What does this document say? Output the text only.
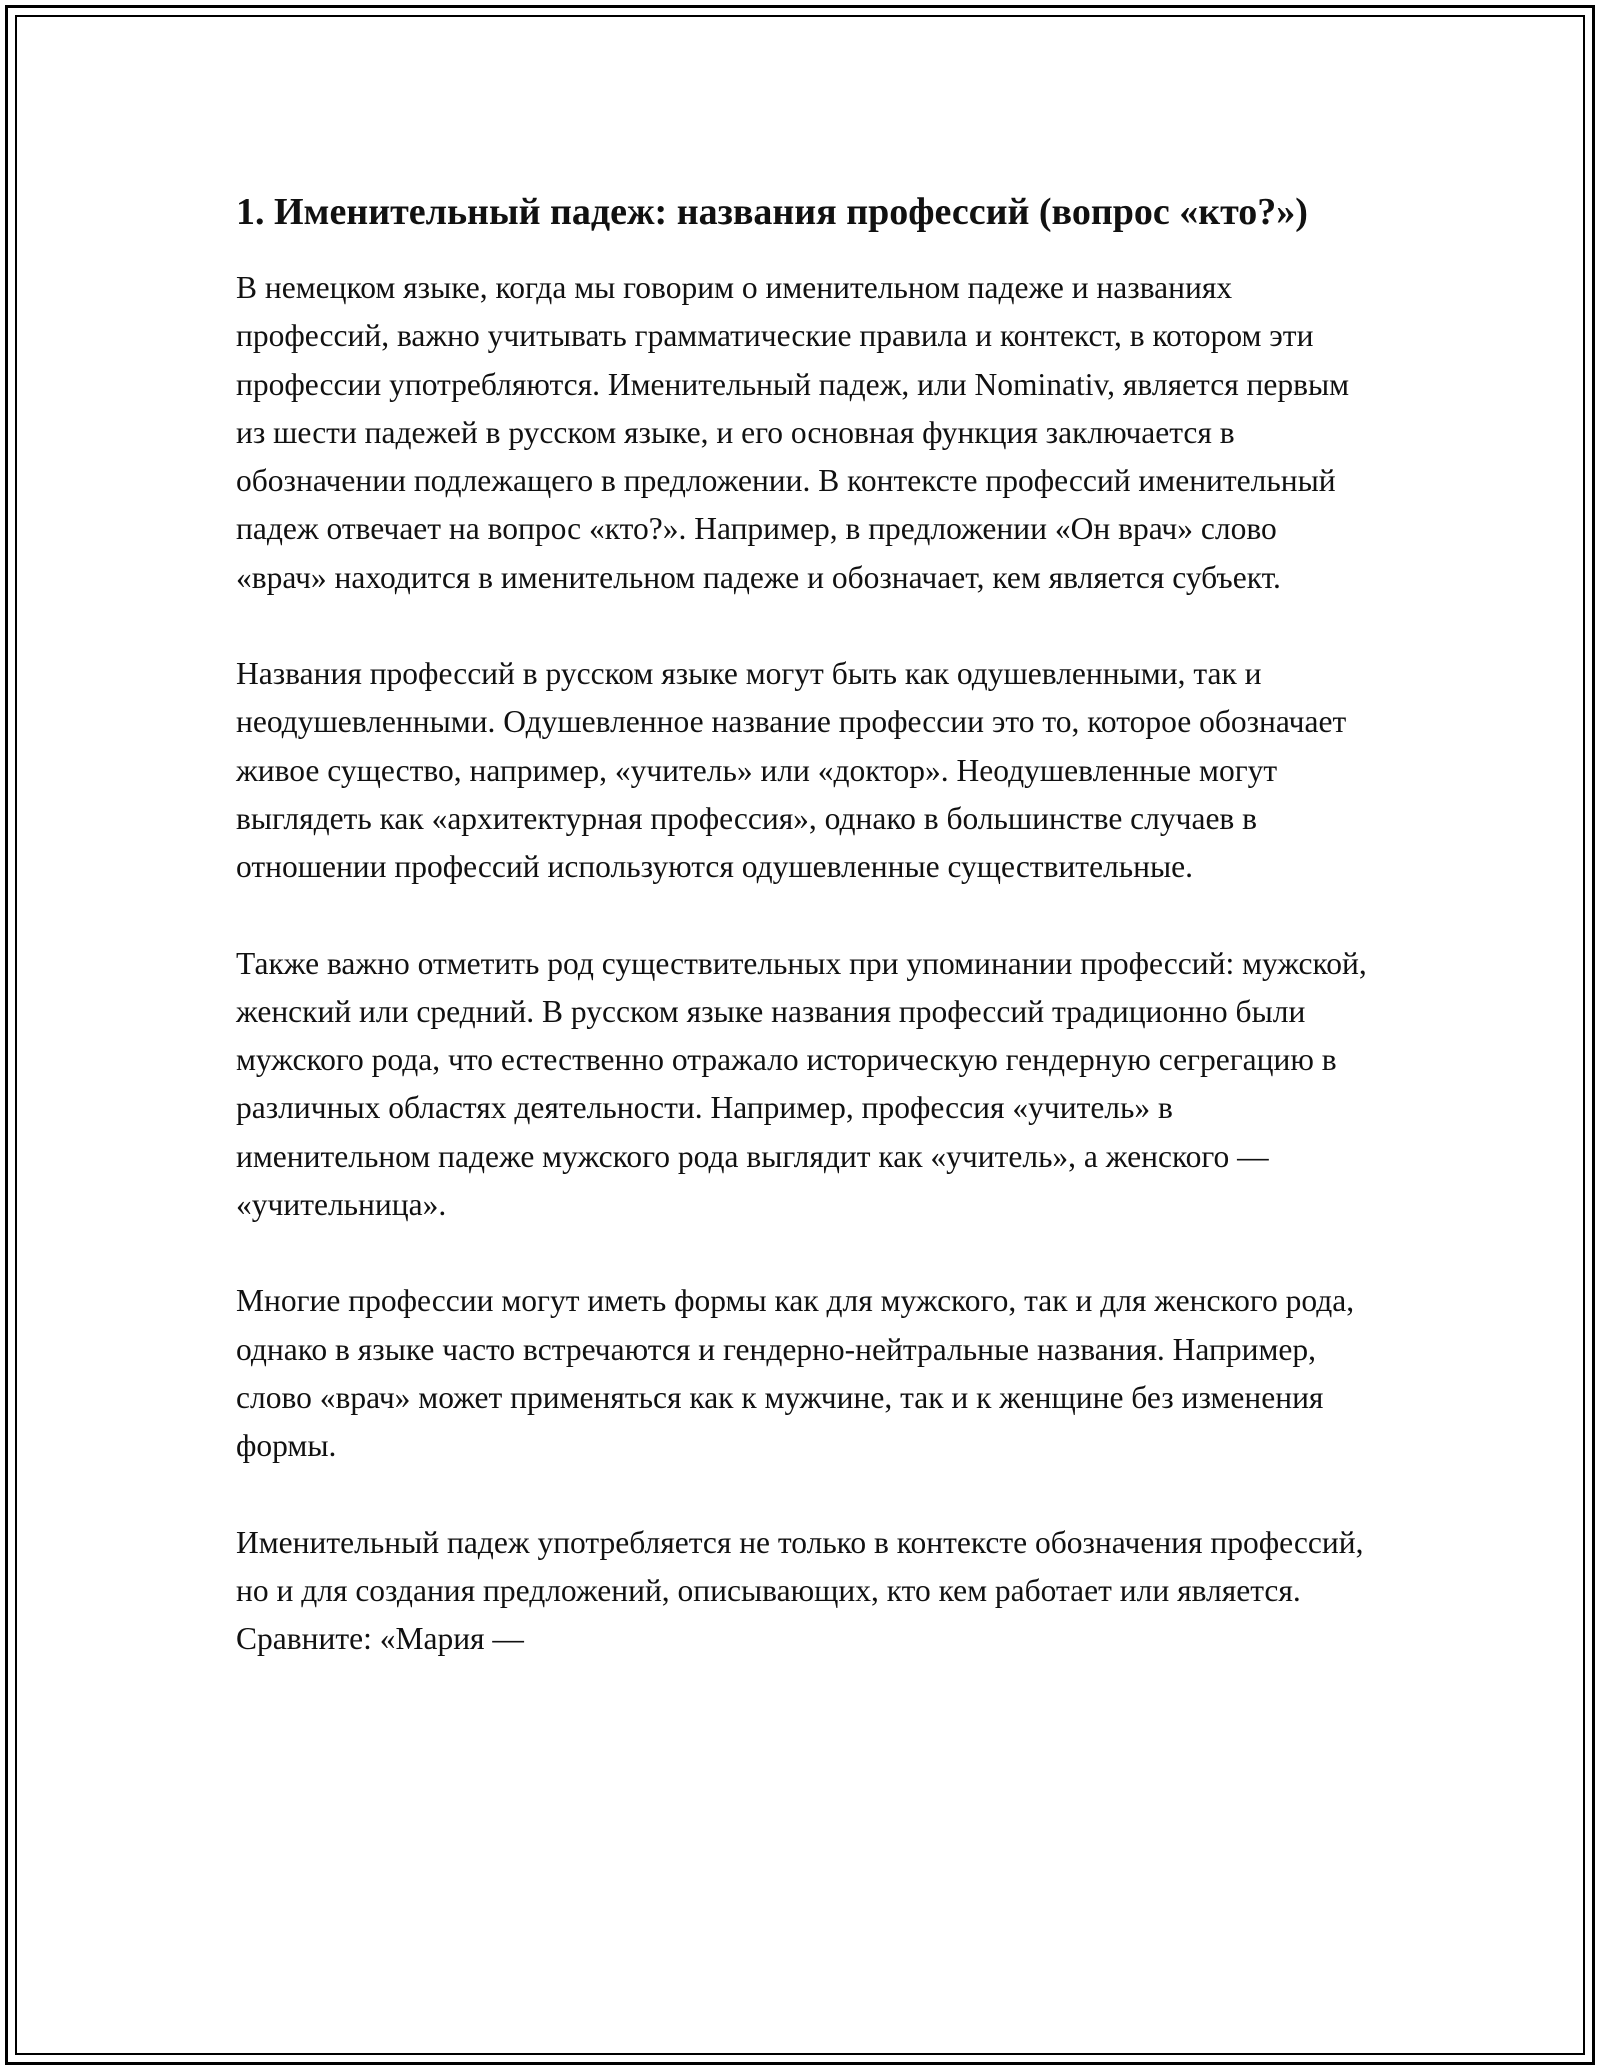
1. Именительный падеж: названия профессий (вопрос «кто?»)

В немецком языке, когда мы говорим о именительном падеже и названиях профессий, важно учитывать грамматические правила и контекст, в котором эти профессии употребляются. Именительный падеж, или Nominativ, является первым из шести падежей в русском языке, и его основная функция заключается в обозначении подлежащего в предложении. В контексте профессий именительный падеж отвечает на вопрос «кто?». Например, в предложении «Он врач» слово «врач» находится в именительном падеже и обозначает, кем является субъект.

Названия профессий в русском языке могут быть как одушевленными, так и неодушевленными. Одушевленное название профессии это то, которое обозначает живое существо, например, «учитель» или «доктор». Неодушевленные могут выглядеть как «архитектурная профессия», однако в большинстве случаев в отношении профессий используются одушевленные существительные.

Также важно отметить род существительных при упоминании профессий: мужской, женский или средний. В русском языке названия профессий традиционно были мужского рода, что естественно отражало историческую гендерную сегрегацию в различных областях деятельности. Например, профессия «учитель» в именительном падеже мужского рода выглядит как «учитель», а женского — «учительница».

Многие профессии могут иметь формы как для мужского, так и для женского рода, однако в языке часто встречаются и гендерно-нейтральные названия. Например, слово «врач» может применяться как к мужчине, так и к женщине без изменения формы.

Именительный падеж употребляется не только в контексте обозначения профессий, но и для создания предложений, описывающих, кто кем работает или является. Сравните: «Мария —
